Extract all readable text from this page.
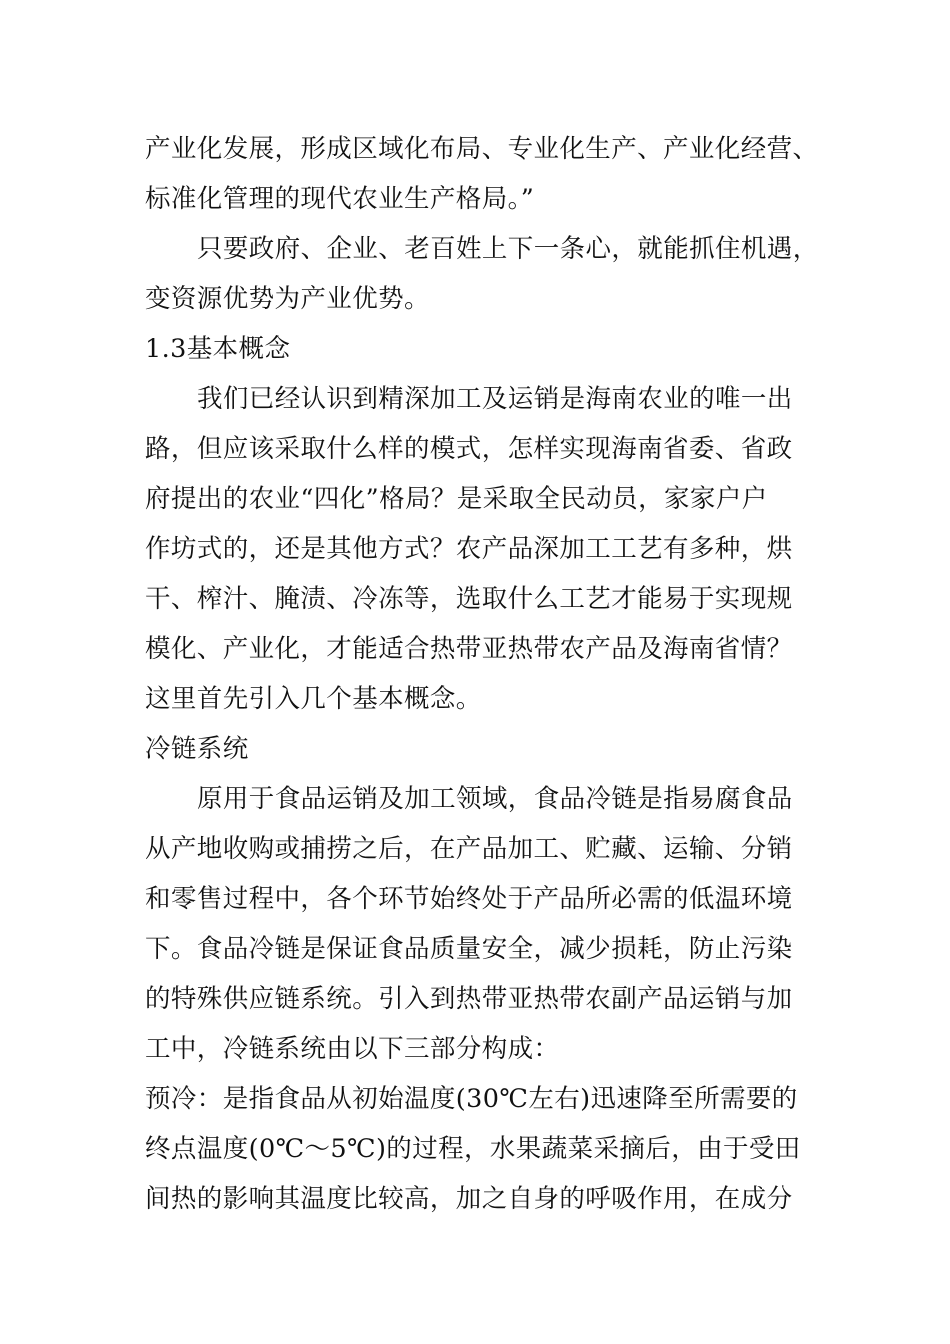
产业化发展，形成区域化布局、专业化生产、产业化经营、
标准化管理的现代农业生产格局。”

只要政府、企业、老百姓上下一条心，就能抓住机遇，
变资源优势为产业优势。

1.3基本概念

我们已经认识到精深加工及运销是海南农业的唯一出
路，但应该采取什么样的模式，怎样实现海南省委、省政
府提出的农业“四化”格局？是采取全民动员，家家户户
作坊式的，还是其他方式？农产品深加工工艺有多种，烘
干、榨汁、腌渍、冷冻等，选取什么工艺才能易于实现规
模化、产业化，才能适合热带亚热带农产品及海南省情？
这里首先引入几个基本概念。

冷链系统

原用于食品运销及加工领域，食品冷链是指易腐食品
从产地收购或捕捞之后，在产品加工、贮藏、运输、分销
和零售过程中，各个环节始终处于产品所必需的低温环境
下。食品冷链是保证食品质量安全，减少损耗，防止污染
的特殊供应链系统。引入到热带亚热带农副产品运销与加
工中，冷链系统由以下三部分构成：

预冷：是指食品从初始温度(30℃左右)迅速降至所需要的
终点温度(0℃～5℃)的过程，水果蔬菜采摘后，由于受田
间热的影响其温度比较高，加之自身的呼吸作用，在成分
